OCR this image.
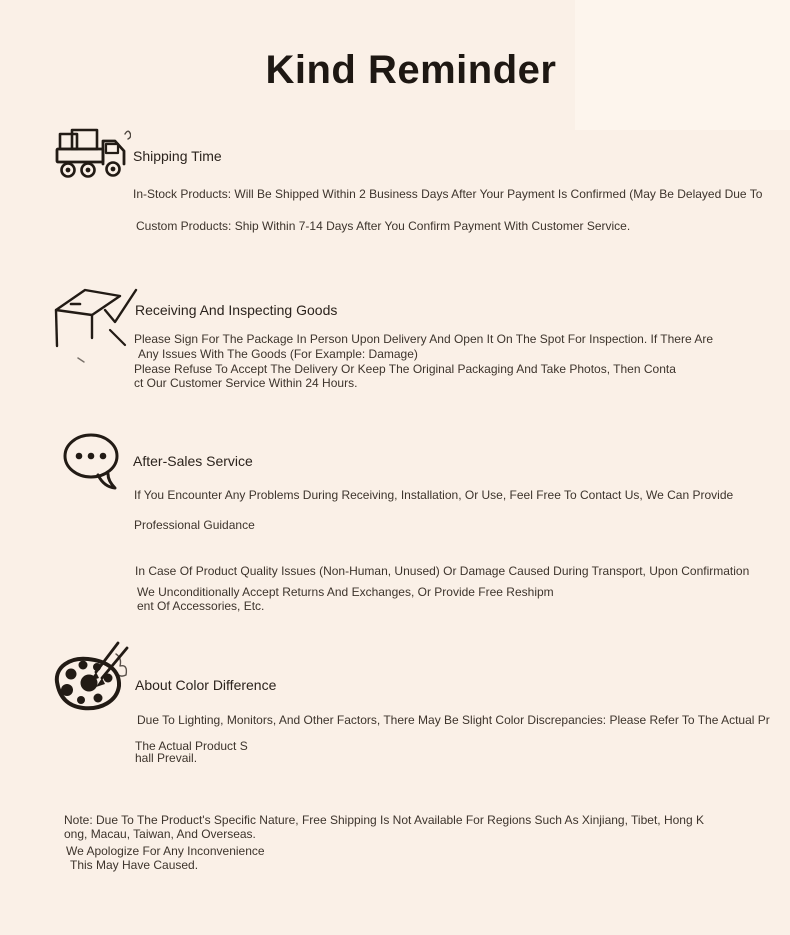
Kind Reminder
Shipping Time
In-Stock Products: Will Be Shipped Within 2 Business Days After Your Payment Is Confirmed (May Be Delayed Due To
Custom Products: Ship Within 7-14 Days After You Confirm Payment With Customer Service.
Receiving And Inspecting Goods
Please Sign For The Package In Person Upon Delivery And Open It On The Spot For Inspection. If There Are
Any Issues With The Goods (For Example: Damage)
Please Refuse To Accept The Delivery Or Keep The Original Packaging And Take Photos, Then Conta
ct Our Customer Service Within 24 Hours.
After-Sales Service
If You Encounter Any Problems During Receiving, Installation, Or Use, Feel Free To Contact Us, We Can Provide
Professional Guidance
In Case Of Product Quality Issues (Non-Human, Unused) Or Damage Caused During Transport, Upon Confirmation
We Unconditionally Accept Returns And Exchanges, Or Provide Free Reshipm
ent Of Accessories, Etc.
About Color Difference
Due To Lighting, Monitors, And Other Factors, There May Be Slight Color Discrepancies: Please Refer To The Actual Pr
The Actual Product S
hall Prevail.
Note: Due To The Product's Specific Nature, Free Shipping Is Not Available For Regions Such As Xinjiang, Tibet, Hong K
ong, Macau, Taiwan, And Overseas.
We Apologize For Any Inconvenience
This May Have Caused.
